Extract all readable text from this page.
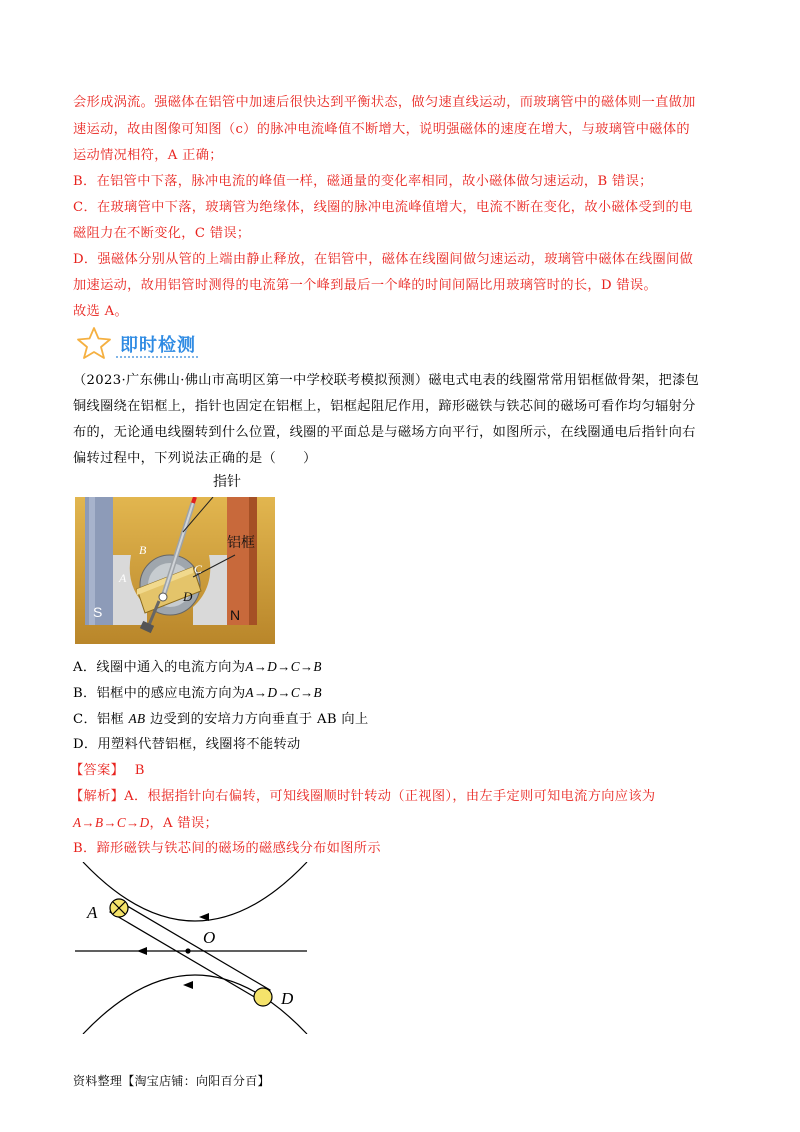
会形成涡流。强磁体在铝管中加速后很快达到平衡状态，做匀速直线运动，而玻璃管中的磁体则一直做加
速运动，故由图像可知图（c）的脉冲电流峰值不断增大，说明强磁体的速度在增大，与玻璃管中磁体的
运动情况相符，A 正确；
B．在铝管中下落，脉冲电流的峰值一样，磁通量的变化率相同，故小磁体做匀速运动，B 错误；
C．在玻璃管中下落，玻璃管为绝缘体，线圈的脉冲电流峰值增大，电流不断在变化，故小磁体受到的电
磁阻力在不断变化，C 错误；
D．强磁体分别从管的上端由静止释放，在铝管中，磁体在线圈间做匀速运动，玻璃管中磁体在线圈间做
加速运动，故用铝管时测得的电流第一个峰到最后一个峰的时间间隔比用玻璃管时的长，D 错误。
故选 A。
即时检测
（2023·广东佛山·佛山市高明区第一中学校联考模拟预测）磁电式电表的线圈常常用铝框做骨架，把漆包
铜线圈绕在铝框上，指针也固定在铝框上，铝框起阻尼作用，蹄形磁铁与铁芯间的磁场可看作均匀辐射分
布的，无论通电线圈转到什么位置，线圈的平面总是与磁场方向平行，如图所示，在线圈通电后指针向右
偏转过程中，下列说法正确的是（　　）
指针
S	N
B
A
C
D
铝框
A．线圈中通入的电流方向为A→D→C→B
B．铝框中的感应电流方向为A→D→C→B
C．铝框 AB 边受到的安培力方向垂直于 AB 向上
D．用塑料代替铝框，线圈将不能转动
【答案】 B
【解析】A．根据指针向右偏转，可知线圈顺时针转动（正视图），由左手定则可知电流方向应该为
A→B→C→D，A 错误；
B．蹄形磁铁与铁芯间的磁场的磁感线分布如图所示
A
O
D
资料整理【淘宝店铺：向阳百分百】
